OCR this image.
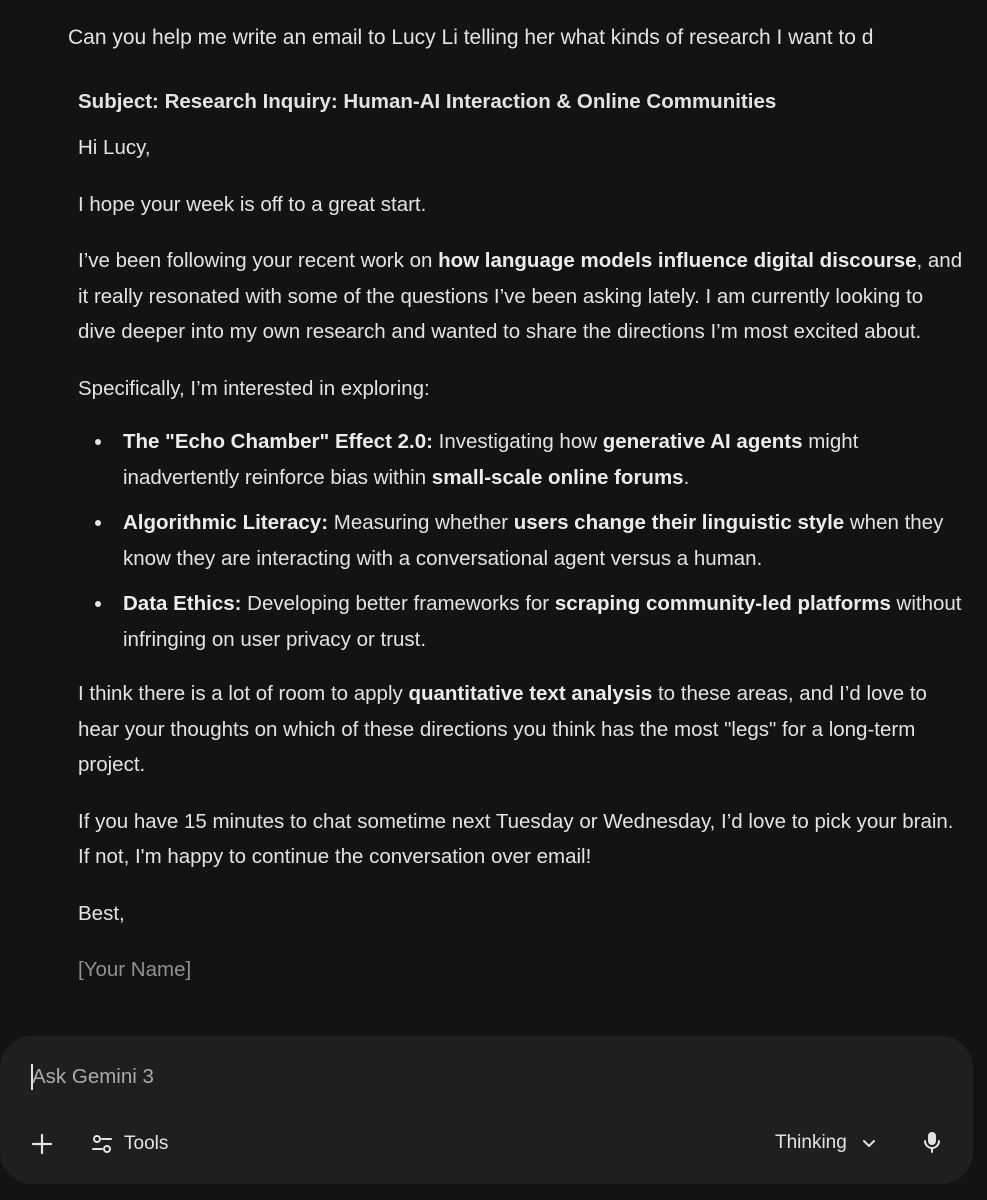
Can you help me write an email to Lucy Li telling her what kinds of research I want to d

Subject: Research Inquiry: Human-AI Interaction & Online Communities

Hi Lucy,

I hope your week is off to a great start.

I’ve been following your recent work on how language models influence digital discourse, and it really resonated with some of the questions I’ve been asking lately. I am currently looking to dive deeper into my own research and wanted to share the directions I’m most excited about.

Specifically, I’m interested in exploring:

The "Echo Chamber" Effect 2.0: Investigating how generative AI agents might inadvertently reinforce bias within small-scale online forums.
Algorithmic Literacy: Measuring whether users change their linguistic style when they know they are interacting with a conversational agent versus a human.
Data Ethics: Developing better frameworks for scraping community-led platforms without infringing on user privacy or trust.

I think there is a lot of room to apply quantitative text analysis to these areas, and I’d love to hear your thoughts on which of these directions you think has the most "legs" for a long-term project.

If you have 15 minutes to chat sometime next Tuesday or Wednesday, I’d love to pick your brain. If not, I'm happy to continue the conversation over email!

Best,

[Your Name]

Ask Gemini 3
Tools	Thinking
